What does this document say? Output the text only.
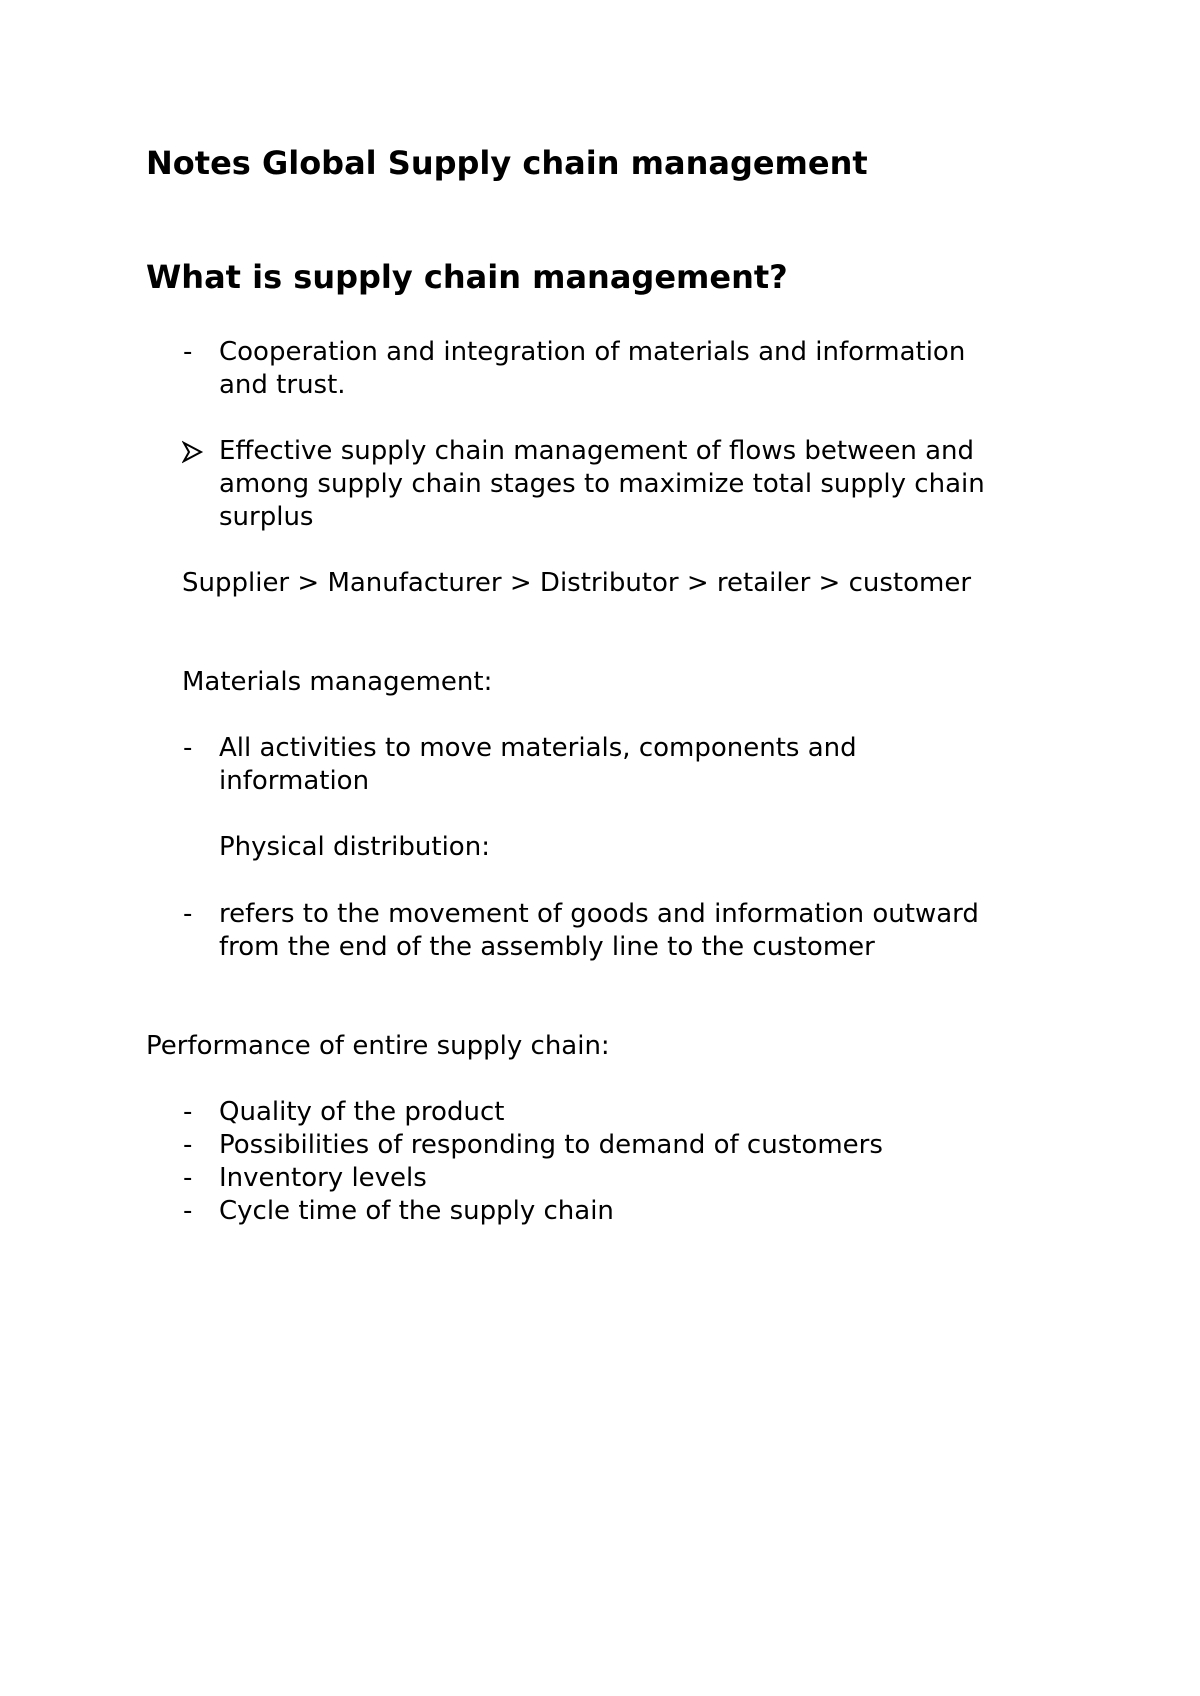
Notes Global Supply chain management
What is supply chain management?
- Cooperation and integration of materials and information

and trust.

Effective supply chain management of flows between and

among supply chain stages to maximize total supply chain

surplus

Supplier > Manufacturer > Distributor > retailer > customer

Materials management:

- All activities to move materials, components and

information

Physical distribution:

- refers to the movement of goods and information outward

from the end of the assembly line to the customer

Performance of entire supply chain:

- Quality of the product

- Possibilities of responding to demand of customers

- Inventory levels

- Cycle time of the supply chain
